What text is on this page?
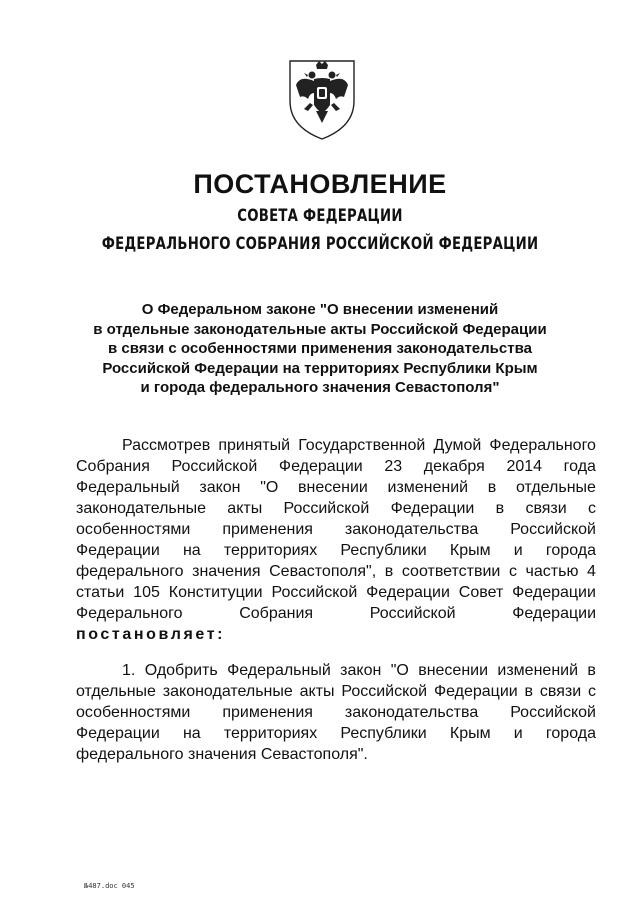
ПОСТАНОВЛЕНИЕ
СОВЕТА ФЕДЕРАЦИИ
ФЕДЕРАЛЬНОГО СОБРАНИЯ РОССИЙСКОЙ ФЕДЕРАЦИИ
О Федеральном законе "О внесении изменений
в отдельные законодательные акты Российской Федерации
в связи с особенностями применения законодательства
Российской Федерации на территориях Республики Крым
и города федерального значения Севастополя"
Рассмотрев принятый Государственной Думой Федерального
Собрания Российской Федерации 23 декабря 2014 года
Федеральный закон "О внесении изменений в отдельные
законодательные акты Российской Федерации в связи с
особенностями применения законодательства Российской
Федерации на территориях Республики Крым и города
федерального значения Севастополя", в соответствии с частью 4
статьи 105 Конституции Российской Федерации Совет Федерации
Федерального	Собрания	Российской	Федерации
постановляет:
1. Одобрить Федеральный закон "О внесении изменений в
отдельные законодательные акты Российской Федерации в связи с
особенностями применения законодательства Российской
Федерации на территориях Республики Крым и города
федерального значения Севастополя".
№487.doc 045
